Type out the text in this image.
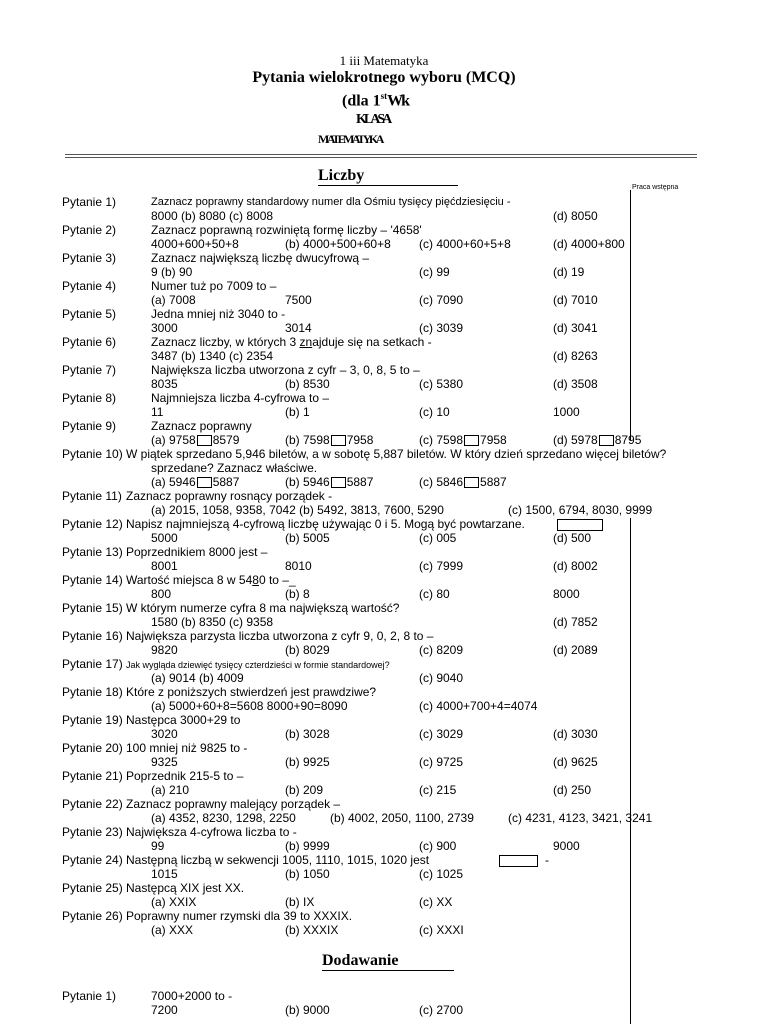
1 iii Matematyka
Pytania wielokrotnego wyboru (MCQ)
(dla 1stWk
KLASA
MATEMATYKA
Liczby
Praca wstępna
Pytanie 1)	Zaznacz poprawny standardowy numer dla Ośmiu tysięcy pięćdziesięciu -
8000 (b) 8080 (c) 8008	(d) 8050
Pytanie 2)	Zaznacz poprawną rozwiniętą formę liczby – '4658'
4000+600+50+8	(b) 4000+500+60+8 (c) 4000+60+5+8	(d) 4000+800
Pytanie 3)	Zaznacz największą liczbę dwucyfrową –
9 (b) 90	(c) 99	(d) 19
Pytanie 4)	Numer tuż po 7009 to –
(a) 7008	7500	(c) 7090	(d) 7010
Pytanie 5)	Jedna mniej niż 3040 to -
3000	3014	(c) 3039	(d) 3041
Pytanie 6)	Zaznacz liczby, w których 3 znajduje się na setkach -
3487 (b) 1340 (c) 2354	(d) 8263
Pytanie 7)	Największa liczba utworzona z cyfr – 3, 0, 8, 5 to –
8035	(b) 8530	(c) 5380	(d) 3508
Pytanie 8)	Najmniejsza liczba 4-cyfrowa to –
11	(b) 1	(c) 10	1000
Pytanie 9)	Zaznacz poprawny
(a) 9758 8579	(b) 7598 7958	(c) 7598 7958	(d) 5978 8795
Pytanie 10) W piątek sprzedano 5,946 biletów, a w sobotę 5,887 biletów. W który dzień sprzedano więcej biletów?
sprzedane? Zaznacz właściwe.
(a) 5946 5887	(b) 5946 5887	(c) 5846 5887
Pytanie 11) Zaznacz poprawny rosnący porządek -
(a) 2015, 1058, 9358, 7042 (b) 5492, 3813, 7600, 5290	(c) 1500, 6794, 8030, 9999
Pytanie 12) Napisz najmniejszą 4-cyfrową liczbę używając 0 i 5. Mogą być powtarzane.
5000	(b) 5005	(c) 005	(d) 500
Pytanie 13) Poprzednikiem 8000 jest –
8001	8010	(c) 7999	(d) 8002
Pytanie 14) Wartość miejsca 8 w 5480 to –_
800	(b) 8	(c) 80	8000
Pytanie 15) W którym numerze cyfra 8 ma największą wartość?
1580 (b) 8350 (c) 9358	(d) 7852
Pytanie 16) Największa parzysta liczba utworzona z cyfr 9, 0, 2, 8 to –
9820	(b) 8029	(c) 8209	(d) 2089
Pytanie 17) Jak wygląda dziewięć tysięcy czterdzieści w formie standardowej?
(a) 9014 (b) 4009	(c) 9040
Pytanie 18) Które z poniższych stwierdzeń jest prawdziwe?
(a) 5000+60+8=5608 8000+90=8090	(c) 4000+700+4=4074
Pytanie 19) Następca 3000+29 to
3020	(b) 3028	(c) 3029	(d) 3030
Pytanie 20) 100 mniej niż 9825 to -
9325	(b) 9925	(c) 9725	(d) 9625
Pytanie 21) Poprzednik 215-5 to –
(a) 210	(b) 209	(c) 215	(d) 250
Pytanie 22) Zaznacz poprawny malejący porządek –
(a) 4352, 8230, 1298, 2250	(b) 4002, 2050, 1100, 2739	(c) 4231, 4123, 3421, 3241
Pytanie 23) Największa 4-cyfrowa liczba to -
99	(b) 9999	(c) 900	9000
Pytanie 24) Następną liczbą w sekwencji 1005, 1110, 1015, 1020 jest	-
1015	(b) 1050	(c) 1025
Pytanie 25) Następcą XIX jest XX.
(a) XXIX	(b) IX	(c) XX
Pytanie 26) Poprawny numer rzymski dla 39 to XXXIX.
(a) XXX	(b) XXXIX	(c) XXXI
Dodawanie
Pytanie 1)	7000+2000 to -
7200	(b) 9000	(c) 2700
